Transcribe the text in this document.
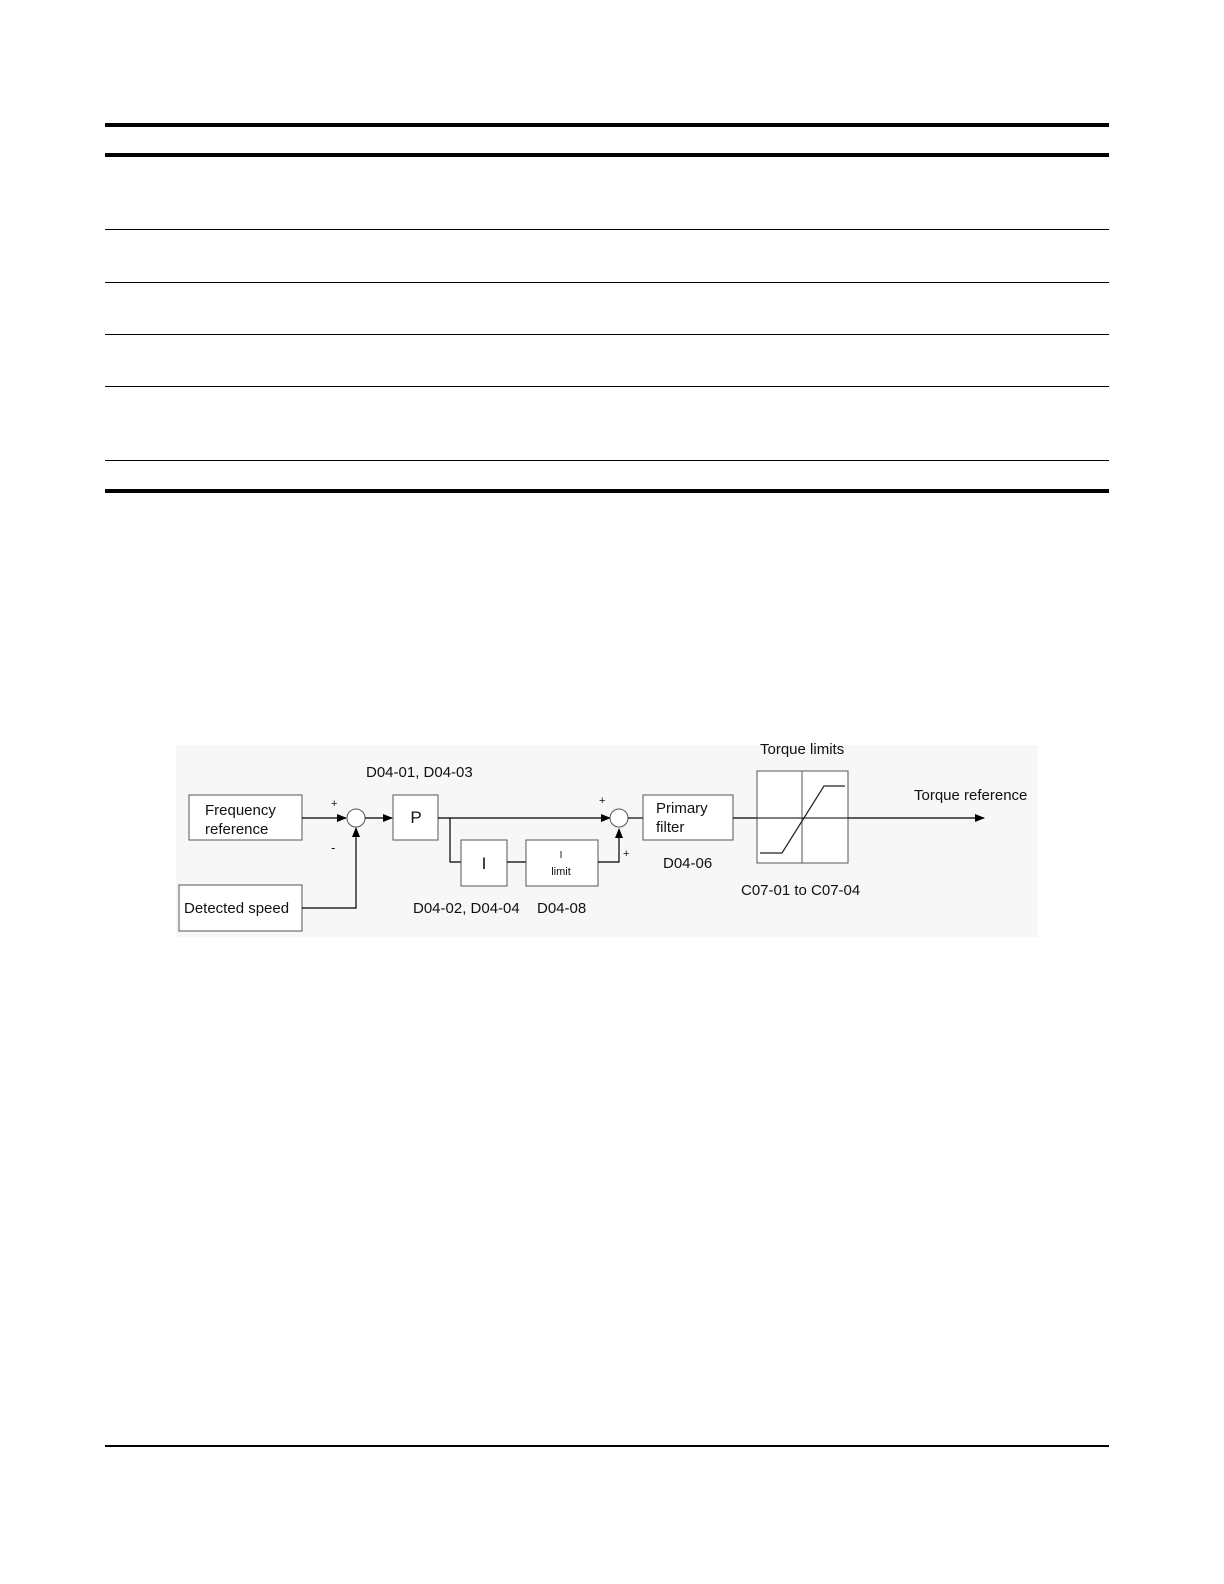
Frequency
reference
Detected speed
+
-
P
D04-01, D04-03
I	I
limit
D04-02, D04-04 D04-08
+
+
Primary
filter
D04-06
Torque limits
C07-01 to C07-04
Torque reference
